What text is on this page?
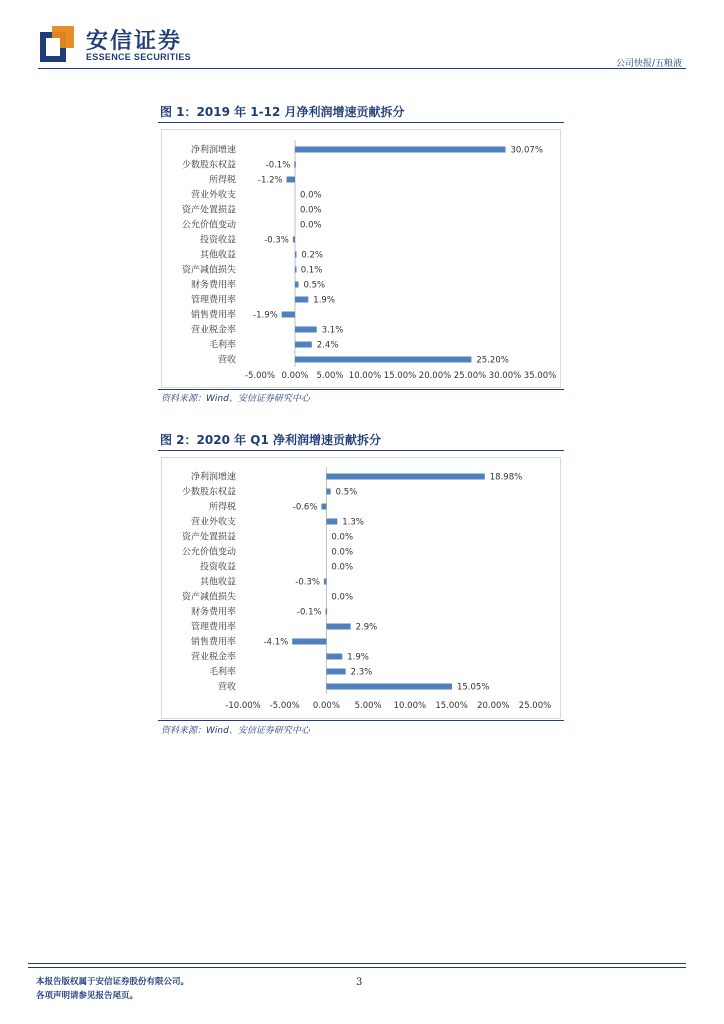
安信证券
ESSENCE SECURITIES
公司快报/五粮液
图 1：2019 年 1-12 月净利润增速贡献拆分
净利润增速	30.07%
少数股东权益	-0.1%
所得税	-1.2%
营业外收支	0.0%
资产处置损益	0.0%
公允价值变动	0.0%
投资收益	-0.3%
其他收益	0.2%
资产减值损失	0.1%
财务费用率	0.5%
管理费用率	1.9%
销售费用率 -1.9%
营业税金率	3.1%
毛利率	2.4%
营收	25.20%
-5.00% 0.00% 5.00% 10.00% 15.00% 20.00% 25.00% 30.00% 35.00%
资料来源：Wind、安信证券研究中心
图 2：2020 年 Q1 净利润增速贡献拆分
净利润增速	18.98%
少数股东权益	0.5%
所得税	-0.6%
营业外收支	1.3%
资产处置损益	0.0%
公允价值变动	0.0%
投资收益	0.0%
其他收益	-0.3%
资产减值损失	0.0%
财务费用率	-0.1%
管理费用率	2.9%
销售费用率	-4.1%
营业税金率	1.9%
毛利率	2.3%
营收	15.05%
-10.00% -5.00% 0.00% 5.00% 10.00% 15.00% 20.00% 25.00%
资料来源：Wind、安信证券研究中心
本报告版权属于安信证券股份有限公司。
各项声明请参见报告尾页。
3
